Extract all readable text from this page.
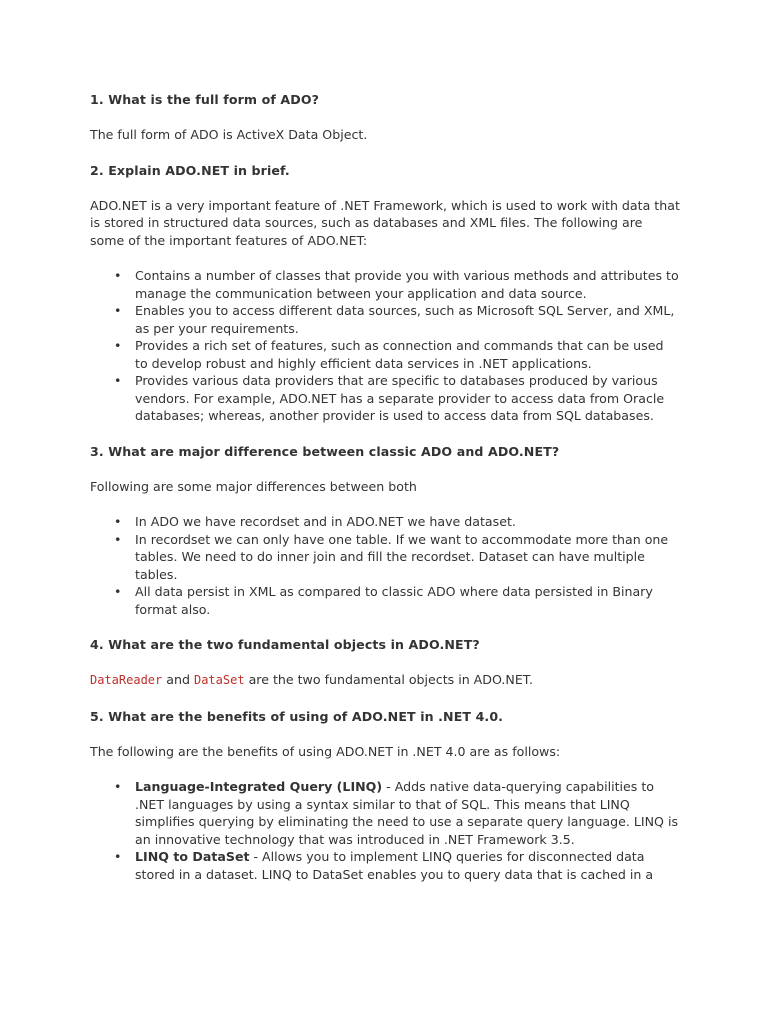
1. What is the full form of ADO?

The full form of ADO is ActiveX Data Object.

2. Explain ADO.NET in brief.

ADO.NET is a very important feature of .NET Framework, which is used to work with data that is stored in structured data sources, such as databases and XML files. The following are some of the important features of ADO.NET:

• Contains a number of classes that provide you with various methods and attributes to manage the communication between your application and data source.
• Enables you to access different data sources, such as Microsoft SQL Server, and XML, as per your requirements.
• Provides a rich set of features, such as connection and commands that can be used to develop robust and highly efficient data services in .NET applications.
• Provides various data providers that are specific to databases produced by various vendors. For example, ADO.NET has a separate provider to access data from Oracle databases; whereas, another provider is used to access data from SQL databases.

3. What are major difference between classic ADO and ADO.NET?

Following are some major differences between both

• In ADO we have recordset and in ADO.NET we have dataset.
• In recordset we can only have one table. If we want to accommodate more than one tables. We need to do inner join and fill the recordset. Dataset can have multiple tables.
• All data persist in XML as compared to classic ADO where data persisted in Binary format also.

4. What are the two fundamental objects in ADO.NET?

DataReader and DataSet are the two fundamental objects in ADO.NET.

5. What are the benefits of using of ADO.NET in .NET 4.0.

The following are the benefits of using ADO.NET in .NET 4.0 are as follows:

• Language-Integrated Query (LINQ) - Adds native data-querying capabilities to .NET languages by using a syntax similar to that of SQL. This means that LINQ simplifies querying by eliminating the need to use a separate query language. LINQ is an innovative technology that was introduced in .NET Framework 3.5.
• LINQ to DataSet - Allows you to implement LINQ queries for disconnected data stored in a dataset. LINQ to DataSet enables you to query data that is cached in a
